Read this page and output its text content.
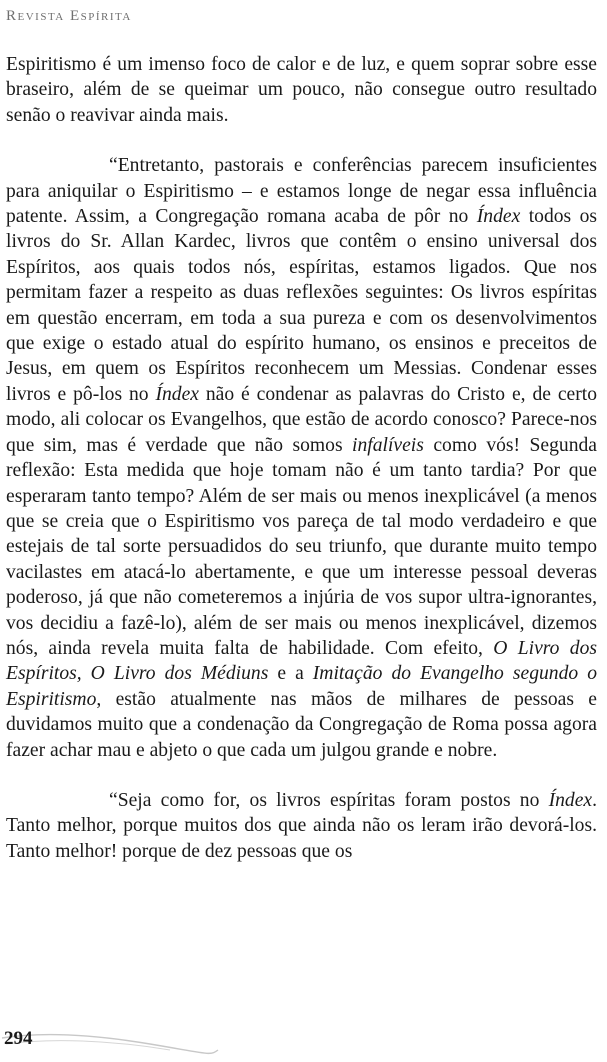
Revista Espírita

Espiritismo é um imenso foco de calor e de luz, e quem soprar sobre esse braseiro, além de se queimar um pouco, não consegue outro resultado senão o reavivar ainda mais.

“Entretanto, pastorais e conferências parecem insuficientes para aniquilar o Espiritismo – e estamos longe de negar essa influência patente. Assim, a Congregação romana acaba de pôr no Índex todos os livros do Sr. Allan Kardec, livros que contêm o ensino universal dos Espíritos, aos quais todos nós, espíritas, estamos ligados. Que nos permitam fazer a respeito as duas reflexões seguintes: Os livros espíritas em questão encerram, em toda a sua pureza e com os desenvolvimentos que exige o estado atual do espírito humano, os ensinos e preceitos de Jesus, em quem os Espíritos reconhecem um Messias. Condenar esses livros e pô-los no Índex não é condenar as palavras do Cristo e, de certo modo, ali colocar os Evangelhos, que estão de acordo conosco? Parece-nos que sim, mas é verdade que não somos infalíveis como vós! Segunda reflexão: Esta medida que hoje tomam não é um tanto tardia? Por que esperaram tanto tempo? Além de ser mais ou menos inexplicável (a menos que se creia que o Espiritismo vos pareça de tal modo verdadeiro e que estejais de tal sorte persuadidos do seu triunfo, que durante muito tempo vacilastes em atacá-lo abertamente, e que um interesse pessoal deveras poderoso, já que não cometeremos a injúria de vos supor ultra-ignorantes, vos decidiu a fazê-lo), além de ser mais ou menos inexplicável, dizemos nós, ainda revela muita falta de habilidade. Com efeito, O Livro dos Espíritos, O Livro dos Médiuns e a Imitação do Evangelho segundo o Espiritismo, estão atualmente nas mãos de milhares de pessoas e duvidamos muito que a condenação da Congregação de Roma possa agora fazer achar mau e abjeto o que cada um julgou grande e nobre.

“Seja como for, os livros espíritas foram postos no Índex. Tanto melhor, porque muitos dos que ainda não os leram irão devorá-los. Tanto melhor! porque de dez pessoas que os

294
